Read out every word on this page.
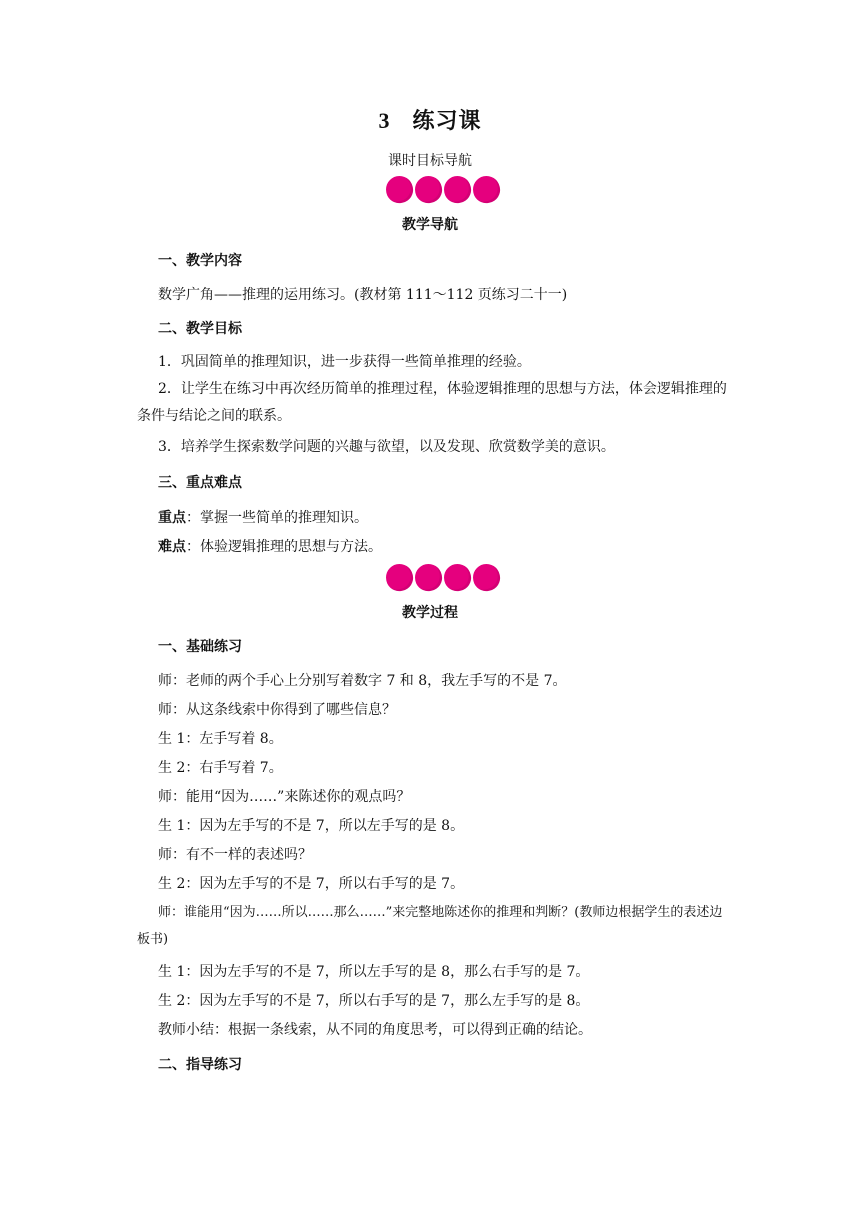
3 练习课
课时目标导航
教学导航
一、教学内容
数学广角——推理的运用练习。(教材第 111～112 页练习二十一)
二、教学目标
1．巩固简单的推理知识，进一步获得一些简单推理的经验。
2．让学生在练习中再次经历简单的推理过程，体验逻辑推理的思想与方法，体会逻辑推理的条件与结论之间的联系。
3．培养学生探索数学问题的兴趣与欲望，以及发现、欣赏数学美的意识。
三、重点难点
重点：掌握一些简单的推理知识。
难点：体验逻辑推理的思想与方法。
教学过程
一、基础练习
师：老师的两个手心上分别写着数字 7 和 8，我左手写的不是 7。
师：从这条线索中你得到了哪些信息？
生 1：左手写着 8。
生 2：右手写着 7。
师：能用“因为……”来陈述你的观点吗？
生 1：因为左手写的不是 7，所以左手写的是 8。
师：有不一样的表述吗？
生 2：因为左手写的不是 7，所以右手写的是 7。
师：谁能用“因为……所以……那么……”来完整地陈述你的推理和判断？(教师边根据学生的表述边板书)
生 1：因为左手写的不是 7，所以左手写的是 8，那么右手写的是 7。
生 2：因为左手写的不是 7，所以右手写的是 7，那么左手写的是 8。
教师小结：根据一条线索，从不同的角度思考，可以得到正确的结论。
二、指导练习
